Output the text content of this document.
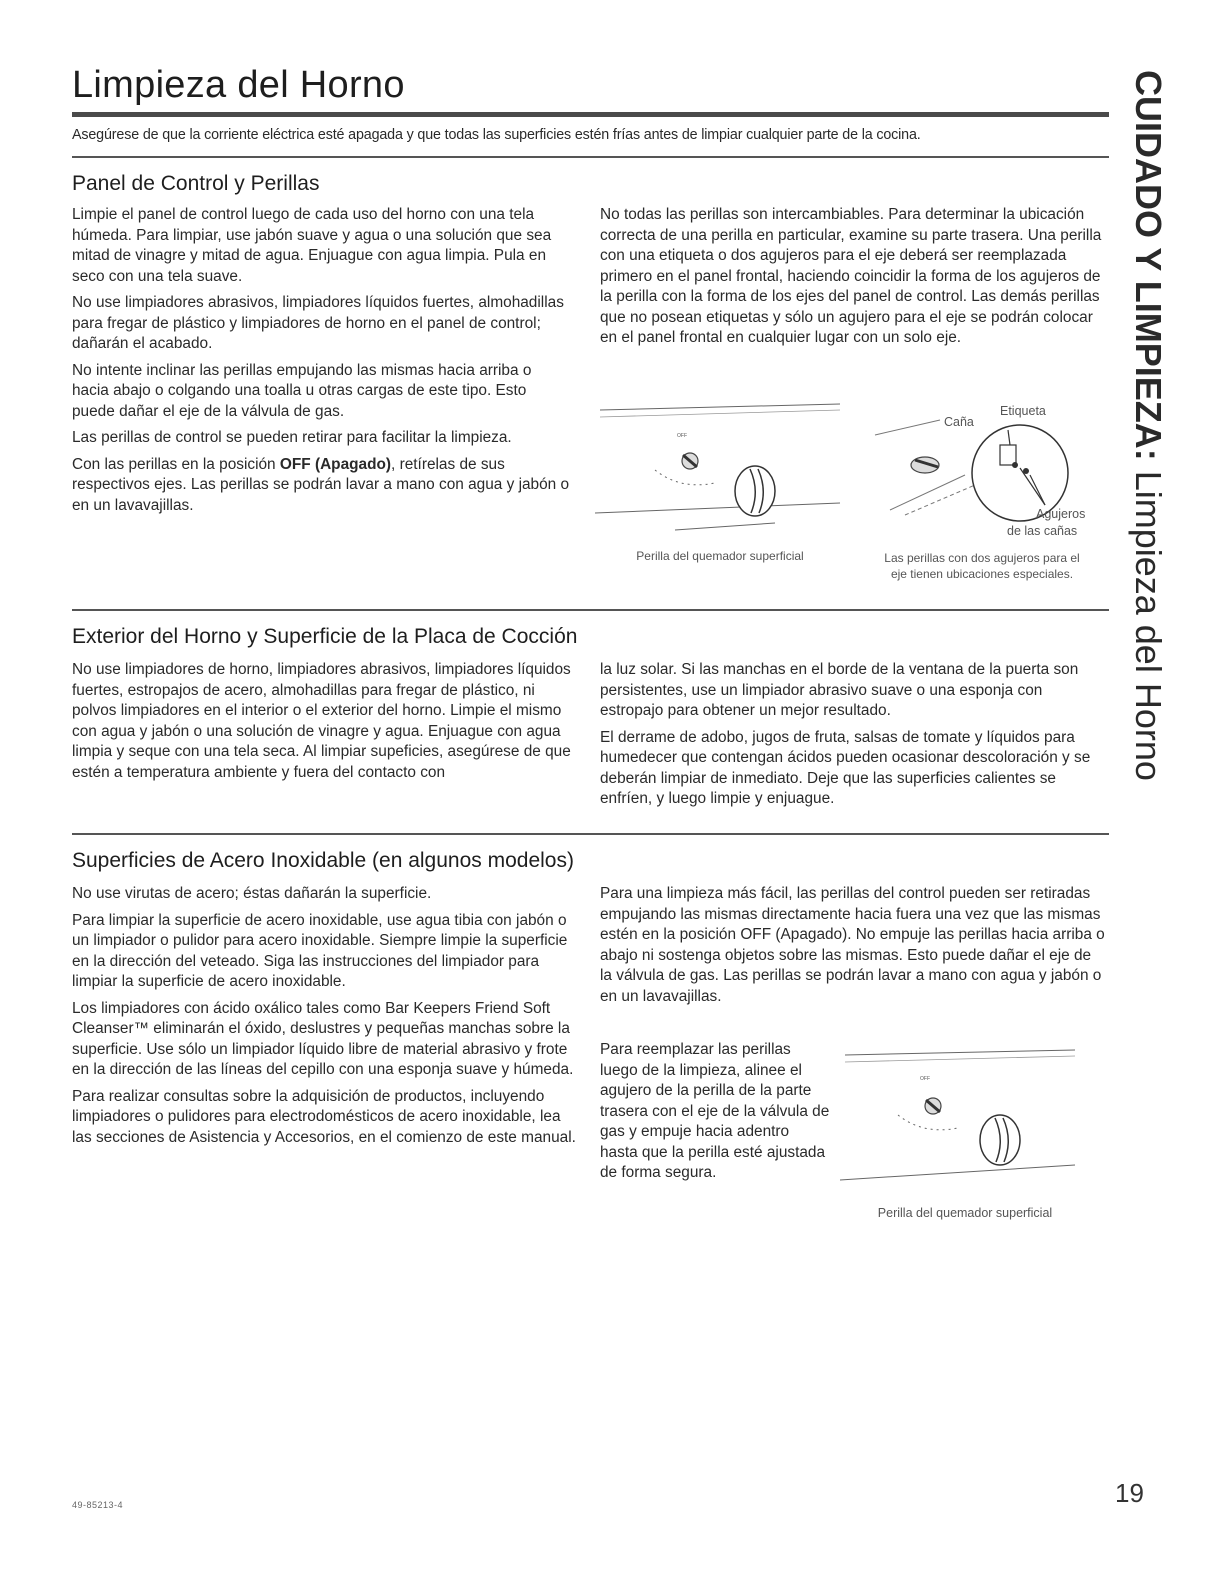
Limpieza del Horno

Asegúrese de que la corriente eléctrica esté apagada y que todas las superficies estén frías antes de limpiar cualquier parte de la cocina.	CUIDADO Y LIMPIEZA: Limpieza del Horno
Panel de Control y Perillas

Limpie el panel de control luego de cada uso del horno con una tela húmeda. Para limpiar, use jabón suave y agua o una solución que sea mitad de vinagre y mitad de agua. Enjuague con agua limpia. Pula en seco con una tela suave.

No use limpiadores abrasivos, limpiadores líquidos fuertes, almohadillas para fregar de plástico y limpiadores de horno en el panel de control; dañarán el acabado.

No intente inclinar las perillas empujando las mismas hacia arriba o hacia abajo o colgando una toalla u otras cargas de este tipo. Esto puede dañar el eje de la válvula de gas.

Las perillas de control se pueden retirar para facilitar la limpieza.

Con las perillas en la posición OFF (Apagado), retírelas de sus respectivos ejes. Las perillas se podrán lavar a mano con agua y jabón o en un lavavajillas.

No todas las perillas son intercambiables. Para determinar la ubicación correcta de una perilla en particular, examine su parte trasera. Una perilla con una etiqueta o dos agujeros para el eje deberá ser reemplazada primero en el panel frontal, haciendo coincidir la forma de los agujeros de la perilla con la forma de los ejes del panel de control. Las demás perillas que no posean etiquetas y sólo un agujero para el eje se podrán colocar en el panel frontal en cualquier lugar con un solo eje.

OFF
Perilla del quemador superficial
Caña
Etiqueta
Agujeros
de las cañas
Las perillas con dos agujeros para el eje tienen ubicaciones especiales.
Exterior del Horno y Superficie de la Placa de Cocción

No use limpiadores de horno, limpiadores abrasivos, limpiadores líquidos fuertes, estropajos de acero, almohadillas para fregar de plástico, ni polvos limpiadores en el interior o el exterior del horno. Limpie el mismo con agua y jabón o una solución de vinagre y agua. Enjuague con agua limpia y seque con una tela seca. Al limpiar supeficies, asegúrese de que estén a temperatura ambiente y fuera del contacto con

la luz solar. Si las manchas en el borde de la ventana de la puerta son persistentes, use un limpiador abrasivo suave o una esponja con estropajo para obtener un mejor resultado.

El derrame de adobo, jugos de fruta, salsas de tomate y líquidos para humedecer que contengan ácidos pueden ocasionar descoloración y se deberán limpiar de inmediato. Deje que las superficies calientes se enfríen, y luego limpie y enjuague.

Superficies de Acero Inoxidable (en algunos modelos)

No use virutas de acero; éstas dañarán la superficie.

Para limpiar la superficie de acero inoxidable, use agua tibia con jabón o un limpiador o pulidor para acero inoxidable. Siempre limpie la superficie en la dirección del veteado. Siga las instrucciones del limpiador para limpiar la superficie de acero inoxidable.

Los limpiadores con ácido oxálico tales como Bar Keepers Friend Soft Cleanser™ eliminarán el óxido, deslustres y pequeñas manchas sobre la superficie. Use sólo un limpiador líquido libre de material abrasivo y frote en la dirección de las líneas del cepillo con una esponja suave y húmeda.

Para realizar consultas sobre la adquisición de productos, incluyendo limpiadores o pulidores para electrodomésticos de acero inoxidable, lea las secciones de Asistencia y Accesorios, en el comienzo de este manual.

Para una limpieza más fácil, las perillas del control pueden ser retiradas empujando las mismas directamente hacia fuera una vez que las mismas estén en la posición OFF (Apagado). No empuje las perillas hacia arriba o abajo ni sostenga objetos sobre las mismas. Esto puede dañar el eje de la válvula de gas. Las perillas se podrán lavar a mano con agua y jabón o en un lavavajillas.

Para reemplazar las perillas luego de la limpieza, alinee el agujero de la perilla de la parte trasera con el eje de la válvula de gas y empuje hacia adentro hasta que la perilla esté ajustada de forma segura.

OFF
Perilla del quemador superficial
49-85213-4	19
